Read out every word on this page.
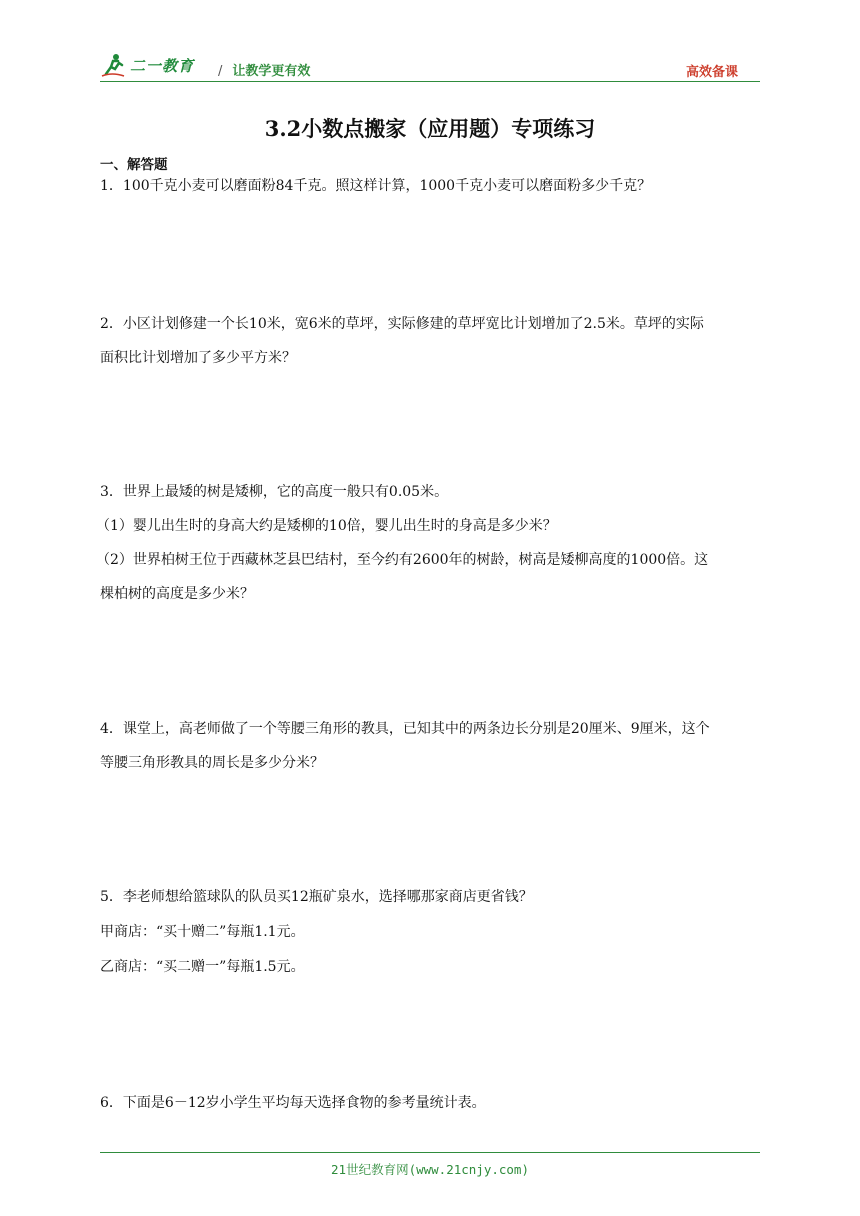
二一教育 / 让教学更有效	高效备课
3.2小数点搬家（应用题）专项练习
一、解答题
1．100千克小麦可以磨面粉84千克。照这样计算，1000千克小麦可以磨面粉多少千克？
2．小区计划修建一个长10米，宽6米的草坪，实际修建的草坪宽比计划增加了2.5米。草坪的实际
面积比计划增加了多少平方米？
3．世界上最矮的树是矮柳，它的高度一般只有0.05米。
（1）婴儿出生时的身高大约是矮柳的10倍，婴儿出生时的身高是多少米？
（2）世界柏树王位于西藏林芝县巴结村，至今约有2600年的树龄，树高是矮柳高度的1000倍。这
棵柏树的高度是多少米？
4．课堂上，高老师做了一个等腰三角形的教具，已知其中的两条边长分别是20厘米、9厘米，这个
等腰三角形教具的周长是多少分米？
5．李老师想给篮球队的队员买12瓶矿泉水，选择哪那家商店更省钱？
甲商店：“买十赠二”每瓶1.1元。
乙商店：“买二赠一”每瓶1.5元。
6．下面是6－12岁小学生平均每天选择食物的参考量统计表。
21世纪教育网(www.21cnjy.com)
